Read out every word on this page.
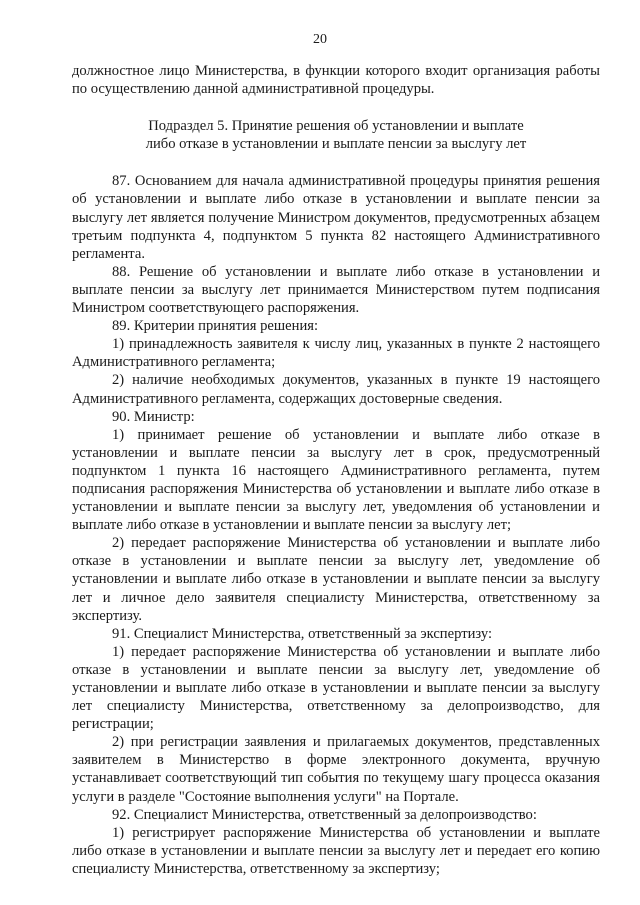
20

должностное лицо Министерства, в функции которого входит организация работы по осуществлению данной административной процедуры.

Подраздел 5. Принятие решения об установлении и выплате
либо отказе в установлении и выплате пенсии за выслугу лет

87. Основанием для начала административной процедуры принятия решения об установлении и выплате либо отказе в установлении и выплате пенсии за выслугу лет является получение Министром документов, предусмотренных абзацем третьим подпункта 4, подпунктом 5 пункта 82 настоящего Административного регламента.

88. Решение об установлении и выплате либо отказе в установлении и выплате пенсии за выслугу лет принимается Министерством путем подписания Министром соответствующего распоряжения.

89. Критерии принятия решения:

1) принадлежность заявителя к числу лиц, указанных в пункте 2 настоящего Административного регламента;

2) наличие необходимых документов, указанных в пункте 19 настоящего Административного регламента, содержащих достоверные сведения.

90. Министр:

1) принимает решение об установлении и выплате либо отказе в установлении и выплате пенсии за выслугу лет в срок, предусмотренный подпунктом 1 пункта 16 настоящего Административного регламента, путем подписания распоряжения Министерства об установлении и выплате либо отказе в установлении и выплате пенсии за выслугу лет, уведомления об установлении и выплате либо отказе в установлении и выплате пенсии за выслугу лет;

2) передает распоряжение Министерства об установлении и выплате либо отказе в установлении и выплате пенсии за выслугу лет, уведомление об установлении и выплате либо отказе в установлении и выплате пенсии за выслугу лет и личное дело заявителя специалисту Министерства, ответственному за экспертизу.

91. Специалист Министерства, ответственный за экспертизу:

1) передает распоряжение Министерства об установлении и выплате либо отказе в установлении и выплате пенсии за выслугу лет, уведомление об установлении и выплате либо отказе в установлении и выплате пенсии за выслугу лет специалисту Министерства, ответственному за делопроизводство, для регистрации;

2) при регистрации заявления и прилагаемых документов, представленных заявителем в Министерство в форме электронного документа, вручную устанавливает соответствующий тип события по текущему шагу процесса оказания услуги в разделе "Состояние выполнения услуги" на Портале.

92. Специалист Министерства, ответственный за делопроизводство:

1) регистрирует распоряжение Министерства об установлении и выплате либо отказе в установлении и выплате пенсии за выслугу лет и передает его копию специалисту Министерства, ответственному за экспертизу;
